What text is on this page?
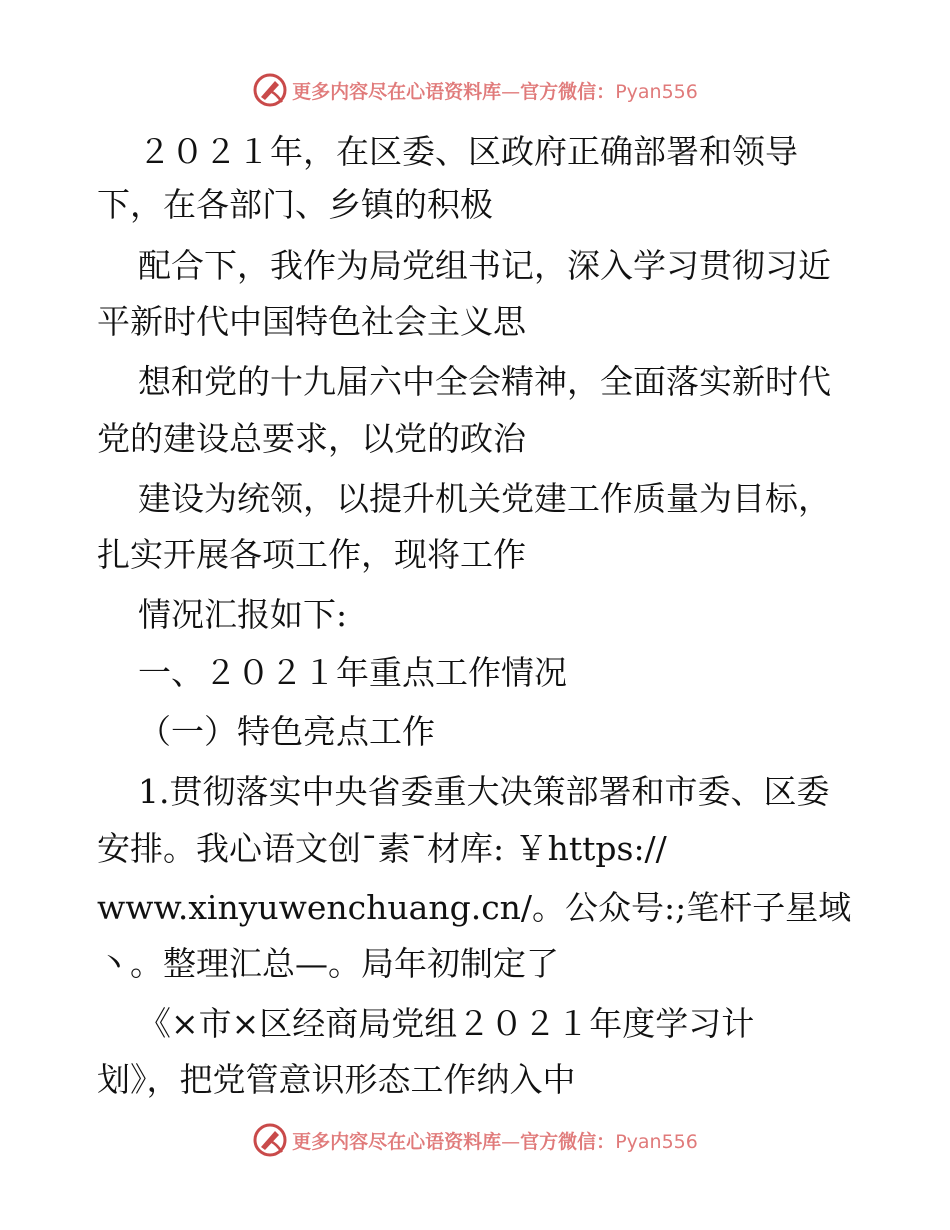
更多内容尽在心语资料库—官方微信：Pyan556
２０２１年，在区委、区政府正确部署和领导
下，在各部门、乡镇的积极
配合下，我作为局党组书记，深入学习贯彻习近
平新时代中国特色社会主义思
想和党的十九届六中全会精神，全面落实新时代
党的建设总要求，以党的政治
建设为统领，以提升机关党建工作质量为目标，
扎实开展各项工作，现将工作
情况汇报如下:
一、２０２１年重点工作情况
（一）特色亮点工作
1.贯彻落实中央省委重大决策部署和市委、区委
安排。我心语文创¯素¯材库: ￥https://
www.xinyuwenchuang.cn/。公众号:;笔杆子星域
丶。整理汇总—。局年初制定了
《×市×区经商局党组２０２１年度学习计
划》，把党管意识形态工作纳入中
更多内容尽在心语资料库—官方微信：Pyan556
